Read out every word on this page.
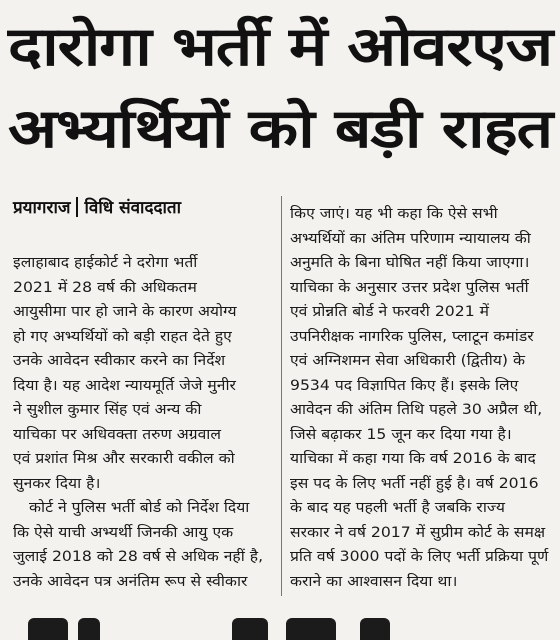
दारोगा भर्ती में ओवरएज
अभ्यर्थियों को बड़ी राहत
प्रयागराज विधि संवाददाता
इलाहाबाद हाईकोर्ट ने दरोगा भर्ती
2021 में 28 वर्ष की अधिकतम
आयुसीमा पार हो जाने के कारण अयोग्य
हो गए अभ्यर्थियों को बड़ी राहत देते हुए
उनके आवेदन स्वीकार करने का निर्देश
दिया है। यह आदेश न्यायमूर्ति जेजे मुनीर
ने सुशील कुमार सिंह एवं अन्य की
याचिका पर अधिवक्ता तरुण अग्रवाल
एवं प्रशांत मिश्र और सरकारी वकील को
सुनकर दिया है।
कोर्ट ने पुलिस भर्ती बोर्ड को निर्देश दिया
कि ऐसे याची अभ्यर्थी जिनकी आयु एक
जुलाई 2018 को 28 वर्ष से अधिक नहीं है,
उनके आवेदन पत्र अनंतिम रूप से स्वीकार
किए जाएं। यह भी कहा कि ऐसे सभी
अभ्यर्थियों का अंतिम परिणाम न्यायालय की
अनुमति के बिना घोषित नहीं किया जाएगा।
याचिका के अनुसार उत्तर प्रदेश पुलिस भर्ती
एवं प्रोन्नति बोर्ड ने फरवरी 2021 में
उपनिरीक्षक नागरिक पुलिस, प्लाटून कमांडर
एवं अग्निशमन सेवा अधिकारी (द्वितीय) के
9534 पद विज्ञापित किए हैं। इसके लिए
आवेदन की अंतिम तिथि पहले 30 अप्रैल थी,
जिसे बढ़ाकर 15 जून कर दिया गया है।
याचिका में कहा गया कि वर्ष 2016 के बाद
इस पद के लिए भर्ती नहीं हुई है। वर्ष 2016
के बाद यह पहली भर्ती है जबकि राज्य
सरकार ने वर्ष 2017 में सुप्रीम कोर्ट के समक्ष
प्रति वर्ष 3000 पदों के लिए भर्ती प्रक्रिया पूर्ण
कराने का आश्वासन दिया था।
